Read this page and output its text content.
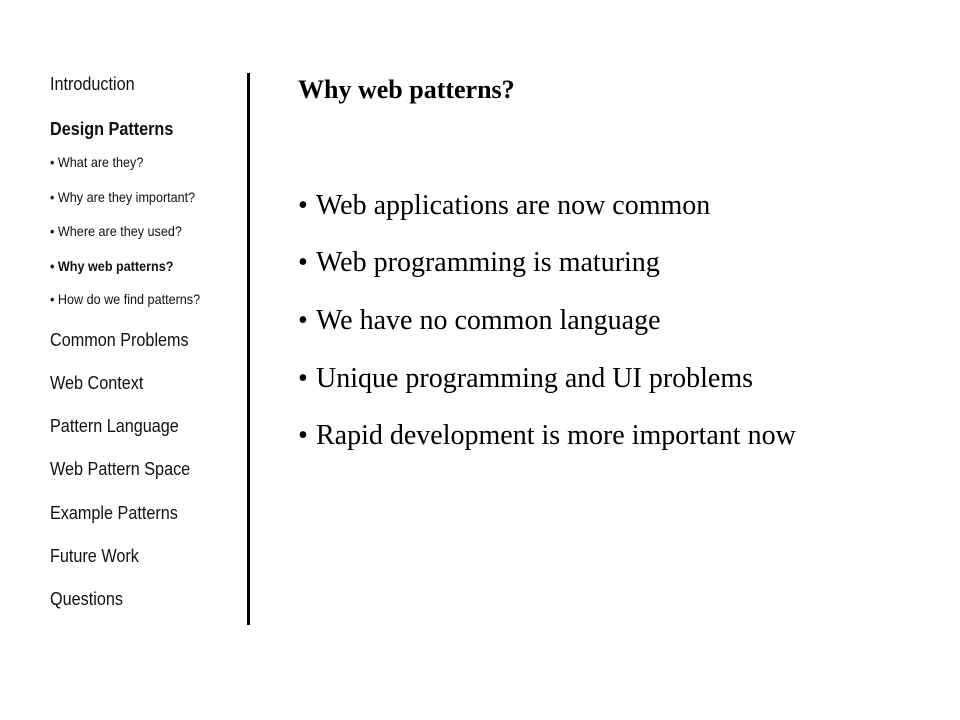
Introduction
Design Patterns
• What are they?
• Why are they important?
• Where are they used?
• Why web patterns?
• How do we find patterns?
Common Problems
Web Context
Pattern Language
Web Pattern Space
Example Patterns
Future Work
Questions
Why web patterns?
• Web applications are now common
• Web programming is maturing
• We have no common language
• Unique programming and UI problems
• Rapid development is more important now
